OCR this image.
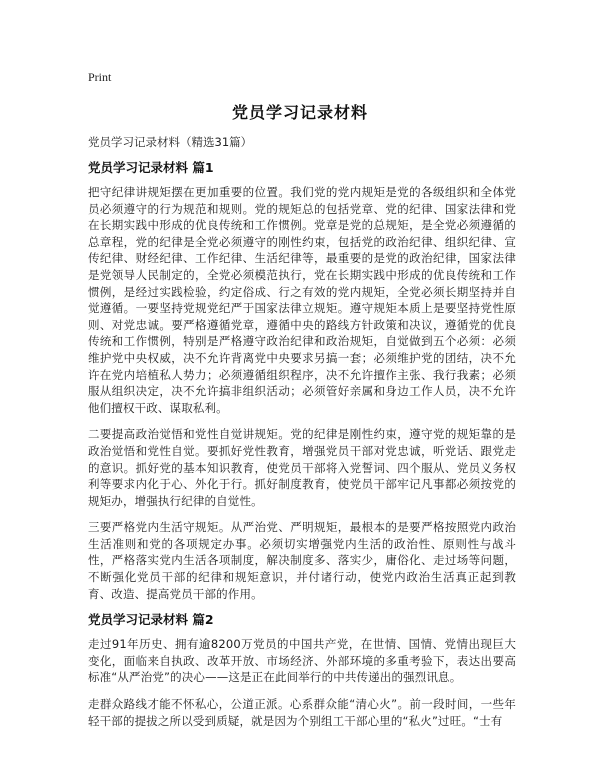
Print
党员学习记录材料
党员学习记录材料（精选31篇）
党员学习记录材料 篇1

把守纪律讲规矩摆在更加重要的位置。我们党的党内规矩是党的各级组织和全体党员必须遵守的行为规范和规则。党的规矩总的包括党章、党的纪律、国家法律和党在长期实践中形成的优良传统和工作惯例。党章是党的总规矩，是全党必须遵循的总章程，党的纪律是全党必须遵守的刚性约束，包括党的政治纪律、组织纪律、宣传纪律、财经纪律、工作纪律、生活纪律等，最重要的是党的政治纪律，国家法律是党领导人民制定的，全党必须模范执行，党在长期实践中形成的优良传统和工作惯例，是经过实践检验，约定俗成、行之有效的党内规矩，全党必须长期坚持并自觉遵循。一要坚持党规党纪严于国家法律立规矩。遵守规矩本质上是要坚持党性原则、对党忠诚。要严格遵循党章，遵循中央的路线方针政策和决议，遵循党的优良传统和工作惯例，特别是严格遵守政治纪律和政治规矩，自觉做到五个必须：必须维护党中央权威，决不允许背离党中央要求另搞一套；必须维护党的团结，决不允许在党内培植私人势力；必须遵循组织程序，决不允许擅作主张、我行我素；必须服从组织决定，决不允许搞非组织活动；必须管好亲属和身边工作人员，决不允许他们擅权干政、谋取私利。

二要提高政治觉悟和党性自觉讲规矩。党的纪律是刚性约束，遵守党的规矩靠的是政治觉悟和党性自觉。要抓好党性教育，增强党员干部对党忠诚，听党话、跟党走的意识。抓好党的基本知识教育，使党员干部将入党誓词、四个服从、党员义务权利等要求内化于心、外化于行。抓好制度教育，使党员干部牢记凡事都必须按党的规矩办，增强执行纪律的自觉性。

三要严格党内生活守规矩。从严治党、严明规矩，最根本的是要严格按照党内政治生活准则和党的各项规定办事。必须切实增强党内生活的政治性、原则性与战斗性，严格落实党内生活各项制度，解决制度多、落实少，庸俗化、走过场等问题，不断强化党员干部的纪律和规矩意识，并付诸行动，使党内政治生活真正起到教育、改造、提高党员干部的作用。

党员学习记录材料 篇2

走过91年历史、拥有逾8200万党员的中国共产党，在世情、国情、党情出现巨大变化，面临来自执政、改革开放、市场经济、外部环境的多重考验下，表达出要高标准“从严治党”的决心——这是正在此间举行的中共传递出的强烈讯息。

走群众路线才能不怀私心，公道正派。心系群众能“清心火”。前一段时间，一些年轻干部的提拔之所以受到质疑，就是因为个别组工干部心里的“私火”过旺。“士有
